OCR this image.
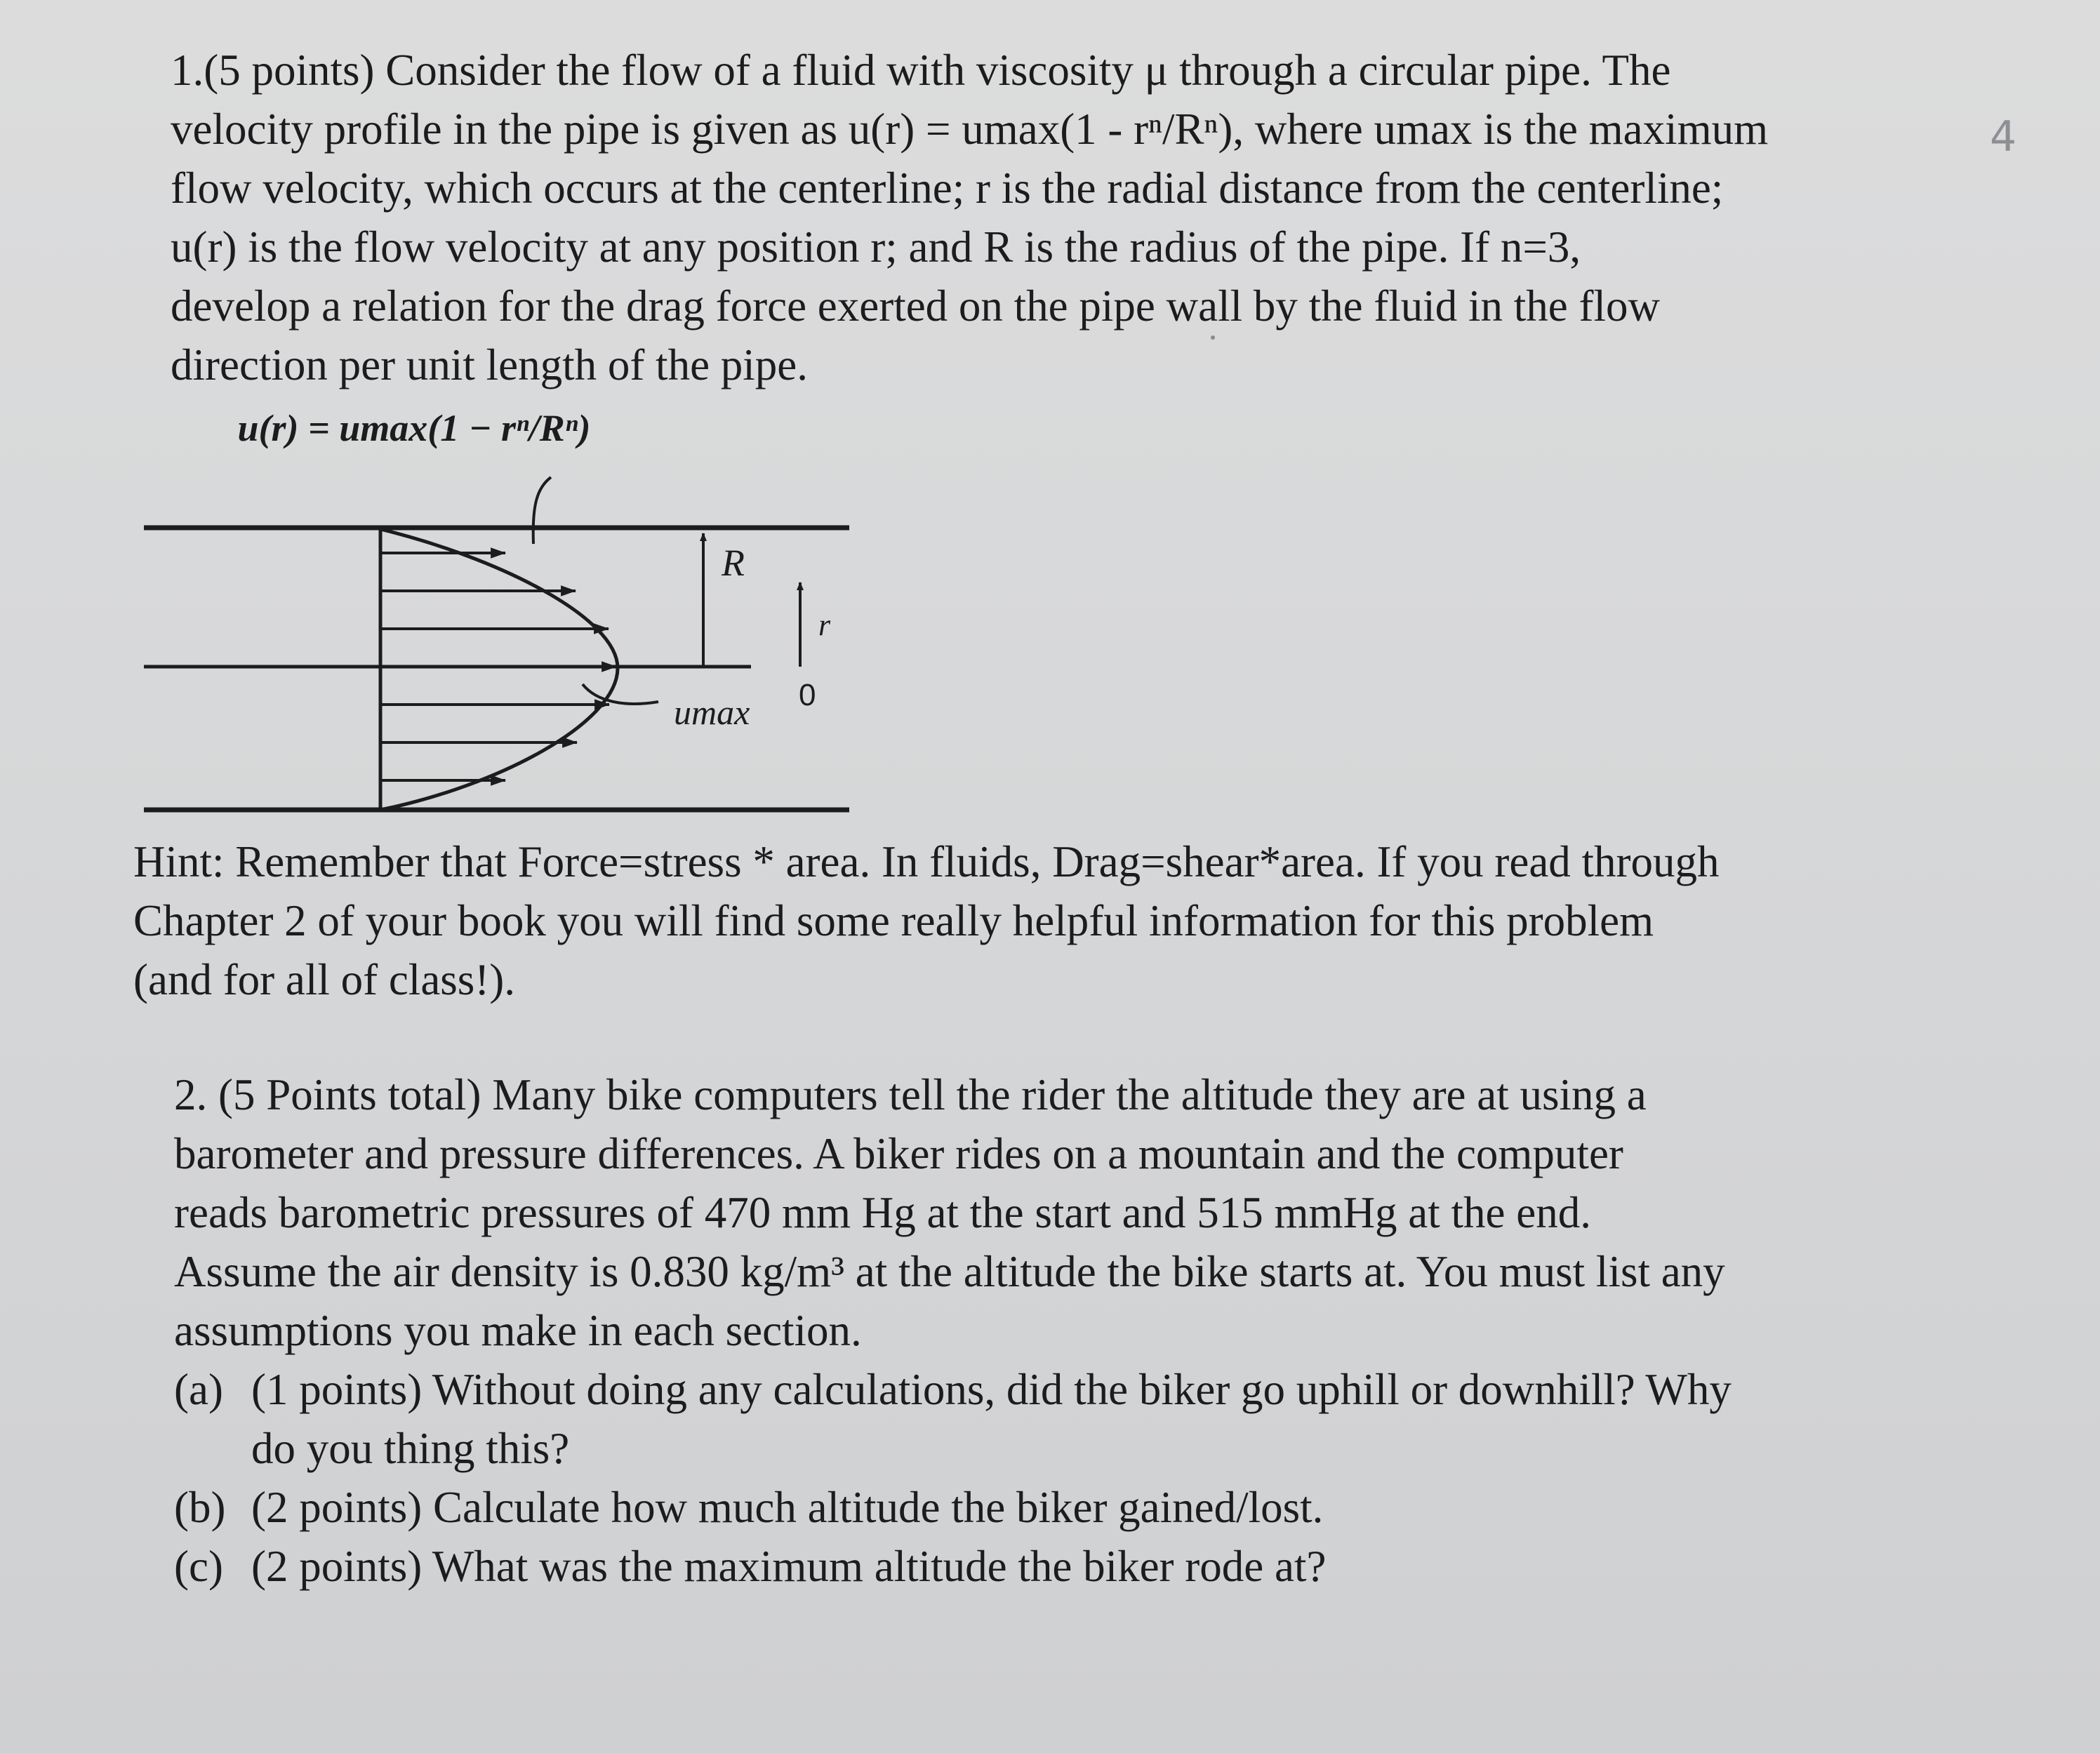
1.(5 points) Consider the flow of a fluid with viscosity μ through a circular pipe. The
velocity profile in the pipe is given as u(r) = umax(1 - rⁿ/Rⁿ), where umax is the maximum
flow velocity, which occurs at the centerline; r is the radial distance from the centerline;
u(r) is the flow velocity at any position r; and R is the radius of the pipe. If n=3,
develop a relation for the drag force exerted on the pipe wall by the fluid in the flow
direction per unit length of the pipe.
u(r) = umax(1 − rⁿ/Rⁿ)
R
r
0
umax
Hint: Remember that Force=stress * area. In fluids, Drag=shear*area. If you read through
Chapter 2 of your book you will find some really helpful information for this problem
(and for all of class!).
2. (5 Points total) Many bike computers tell the rider the altitude they are at using a
barometer and pressure differences. A biker rides on a mountain and the computer
reads barometric pressures of 470 mm Hg at the start and 515 mmHg at the end.
Assume the air density is 0.830 kg/m³ at the altitude the bike starts at. You must list any
assumptions you make in each section.
(a) (1 points) Without doing any calculations, did the biker go uphill or downhill? Why
do you thing this?
(b) (2 points) Calculate how much altitude the biker gained/lost.
(c) (2 points) What was the maximum altitude the biker rode at?
4
